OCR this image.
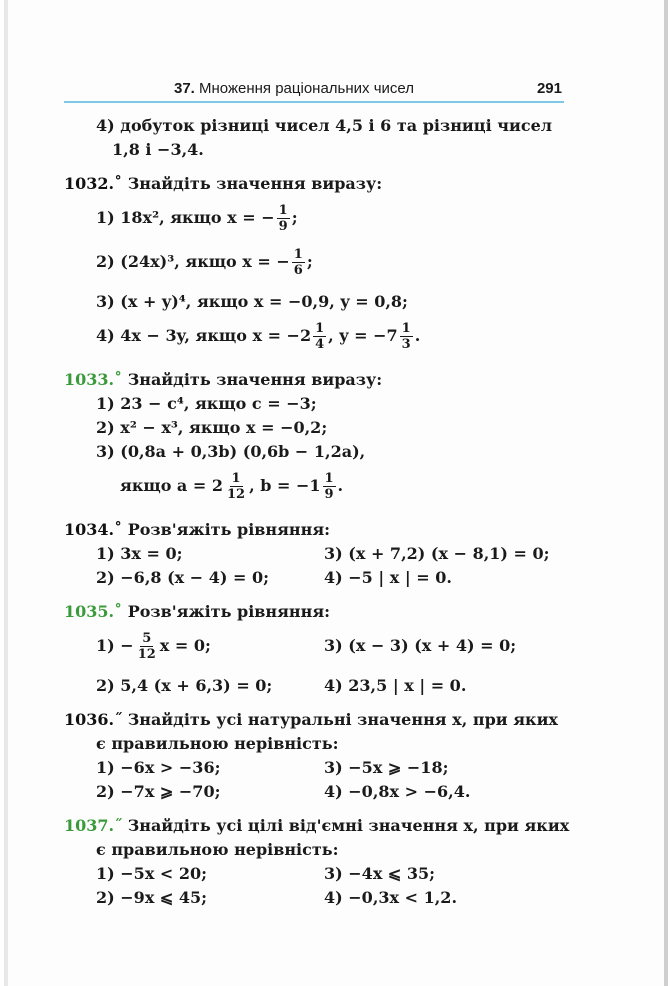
37. Множення раціональних чисел	291
4) добуток різниці чисел 4,5 і 6 та різниці чисел
1,8 і −3,4.
1032.˚ Знайдіть значення виразу:
1) 18x², якщо x = − $\frac{1}{9}$ ;
2) (24x)³, якщо x = − $\frac{1}{6}$ ;
3) (x + y)⁴, якщо x = −0,9, y = 0,8;
4) 4x − 3y, якщо $x = -2 \frac{1}{4}$ , $y = -7 \frac{1}{3}$ .
1033.˚ Знайдіть значення виразу:
1) 23 − c⁴, якщо c = −3;
2) x² − x³, якщо x = −0,2;
3) (0,8a + 0,3b) (0,6b − 1,2a),
якщо $a = 2 \frac{1}{12}$ , $b = -1 \frac{1}{9}$ .
1034.˚ Розв'яжіть рівняння:
1) 3x = 0;	3) (x + 7,2) (x − 8,1) = 0;
2) −6,8 (x − 4) = 0;	4) −5 | x | = 0.
1035.˚ Розв'яжіть рівняння:
$1) - \frac{5}{12}$ x = 0;	3) (x − 3) (x + 4) = 0;
2) 5,4 (x + 6,3) = 0;	4) 23,5 | x | = 0.
1036.˝ Знайдіть усі натуральні значення x, при яких
є правильною нерівність:
1) −6x > −36;	3) −5x ⩾ −18;
2) −7x ⩾ −70;	4) −0,8x > −6,4.
1037.˝ Знайдіть усі цілі від'ємні значення x, при яких
є правильною нерівність:
1) −5x < 20;	3) −4x ⩽ 35;
2) −9x ⩽ 45;	4) −0,3x < 1,2.
